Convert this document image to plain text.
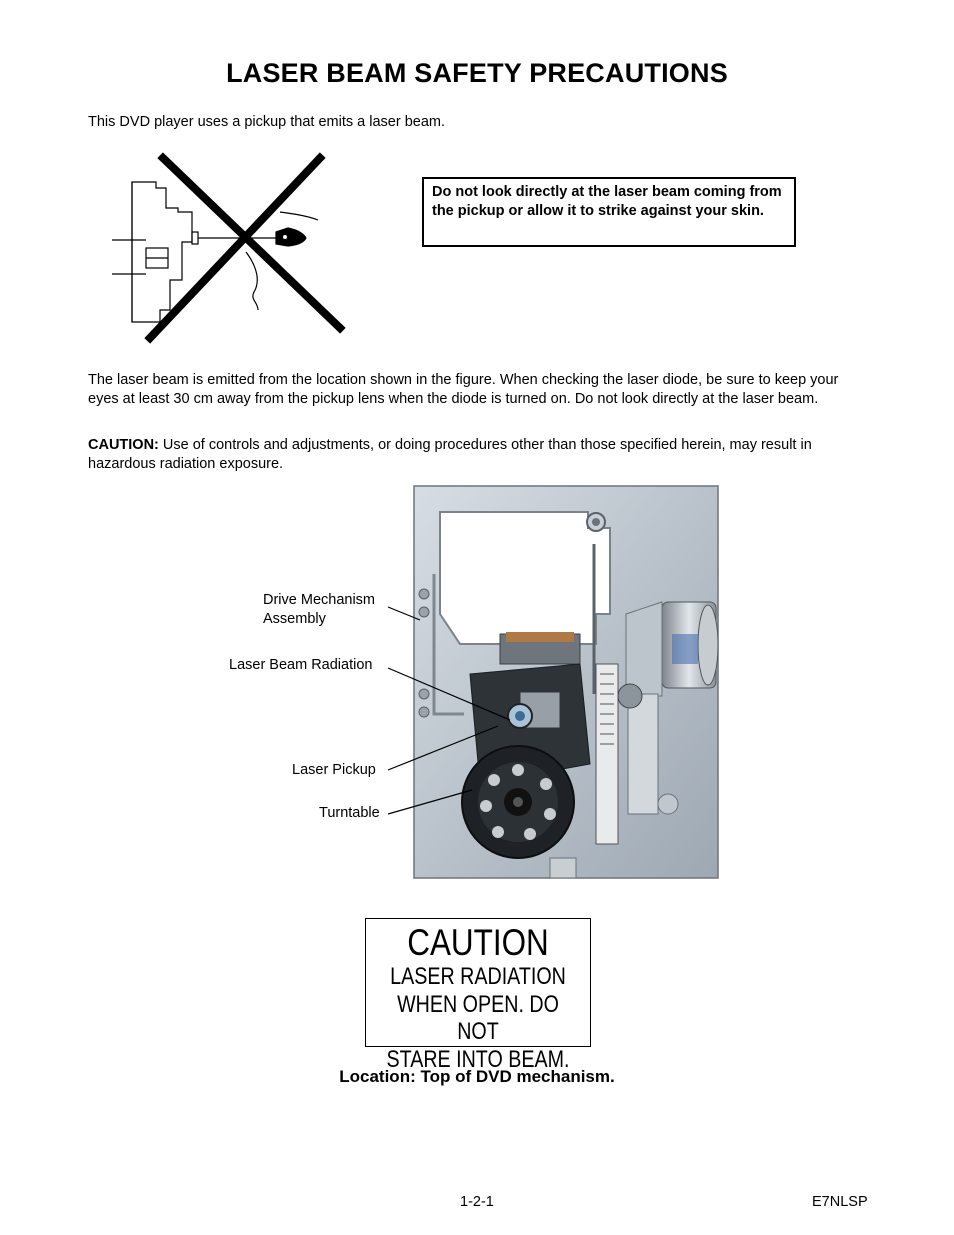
LASER BEAM SAFETY PRECAUTIONS
This DVD player uses a pickup that emits a laser beam.
Do not look directly at the laser beam coming from the pickup or allow it to strike against your skin.
The laser beam is emitted from the location shown in the figure. When checking the laser diode, be sure to keep your eyes at least 30 cm away from the pickup lens when the diode is turned on. Do not look directly at the laser beam.
CAUTION: Use of controls and adjustments, or doing procedures other than those specified herein, may result in hazardous radiation exposure.
Drive Mechanism
Assembly
Laser Beam Radiation
Laser Pickup
Turntable
CAUTION
LASER RADIATION
WHEN OPEN. DO NOT
STARE INTO BEAM.
Location: Top of DVD mechanism.
1-2-1	E7NLSP
